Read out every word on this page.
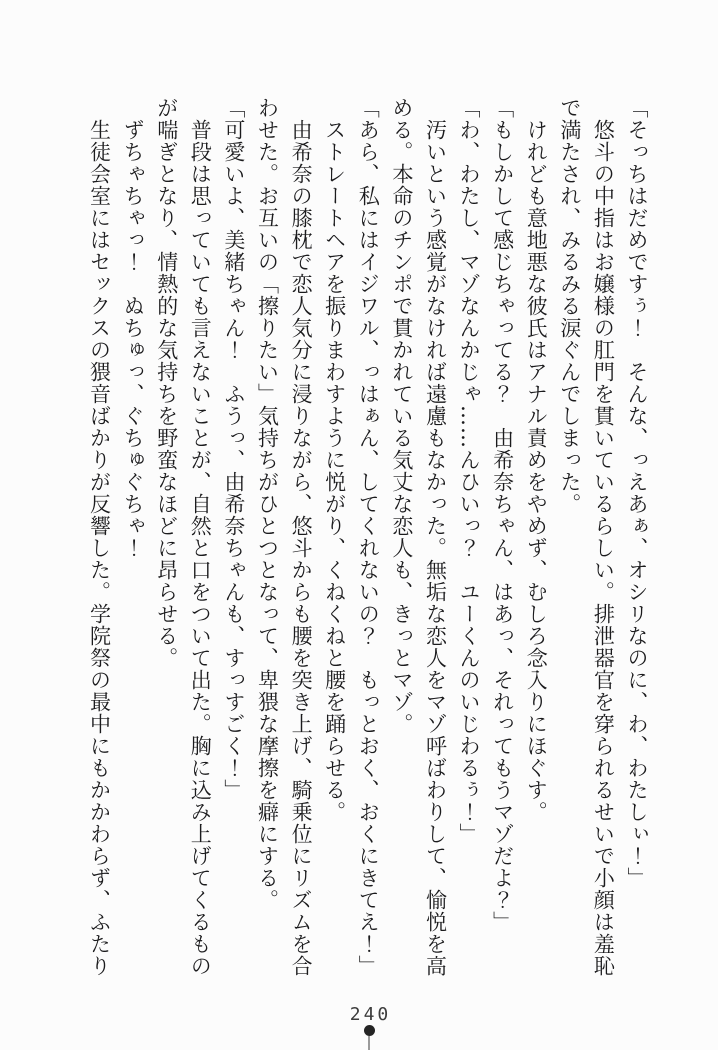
「そっちはだめですぅ！　そんな、っえあぁ、オシリなのに、わ、わたしぃ！」
悠斗の中指はお嬢様の肛門を貫いているらしい。排泄器官を穿られるせいで小顔は羞恥
で満たされ、みるみる涙ぐんでしまった。
けれども意地悪な彼氏はアナル責めをやめず、むしろ念入りにほぐす。
「もしかして感じちゃってる？　由希奈ちゃん、はあっ、それってもうマゾだよ？」
「わ、わたし、マゾなんかじゃ……んひいっ？　ユーくんのいじわるぅ！」
汚いという感覚がなければ遠慮もなかった。無垢な恋人をマゾ呼ばわりして、愉悦を高
める。本命のチンポで貫かれている気丈な恋人も、きっとマゾ。
「あら、私にはイジワル、っはぁん、してくれないの？　もっとおく、おくにきてえ！」
ストレートヘアを振りまわすように悦がり、くねくねと腰を踊らせる。
由希奈の膝枕で恋人気分に浸りながら、悠斗からも腰を突き上げ、騎乗位にリズムを合
わせた。お互いの「擦りたい」気持ちがひとつとなって、卑猥な摩擦を癖にする。
「可愛いよ、美緒ちゃん！　ふうっ、由希奈ちゃんも、すっすごく！」
普段は思っていても言えないことが、自然と口をついて出た。胸に込み上げてくるもの
が喘ぎとなり、情熱的な気持ちを野蛮なほどに昂らせる。
ずちゃちゃっ！　ぬちゅっ、ぐちゅぐちゃ！
生徒会室にはセックスの猥音ばかりが反響した。学院祭の最中にもかかわらず、ふたり
240
